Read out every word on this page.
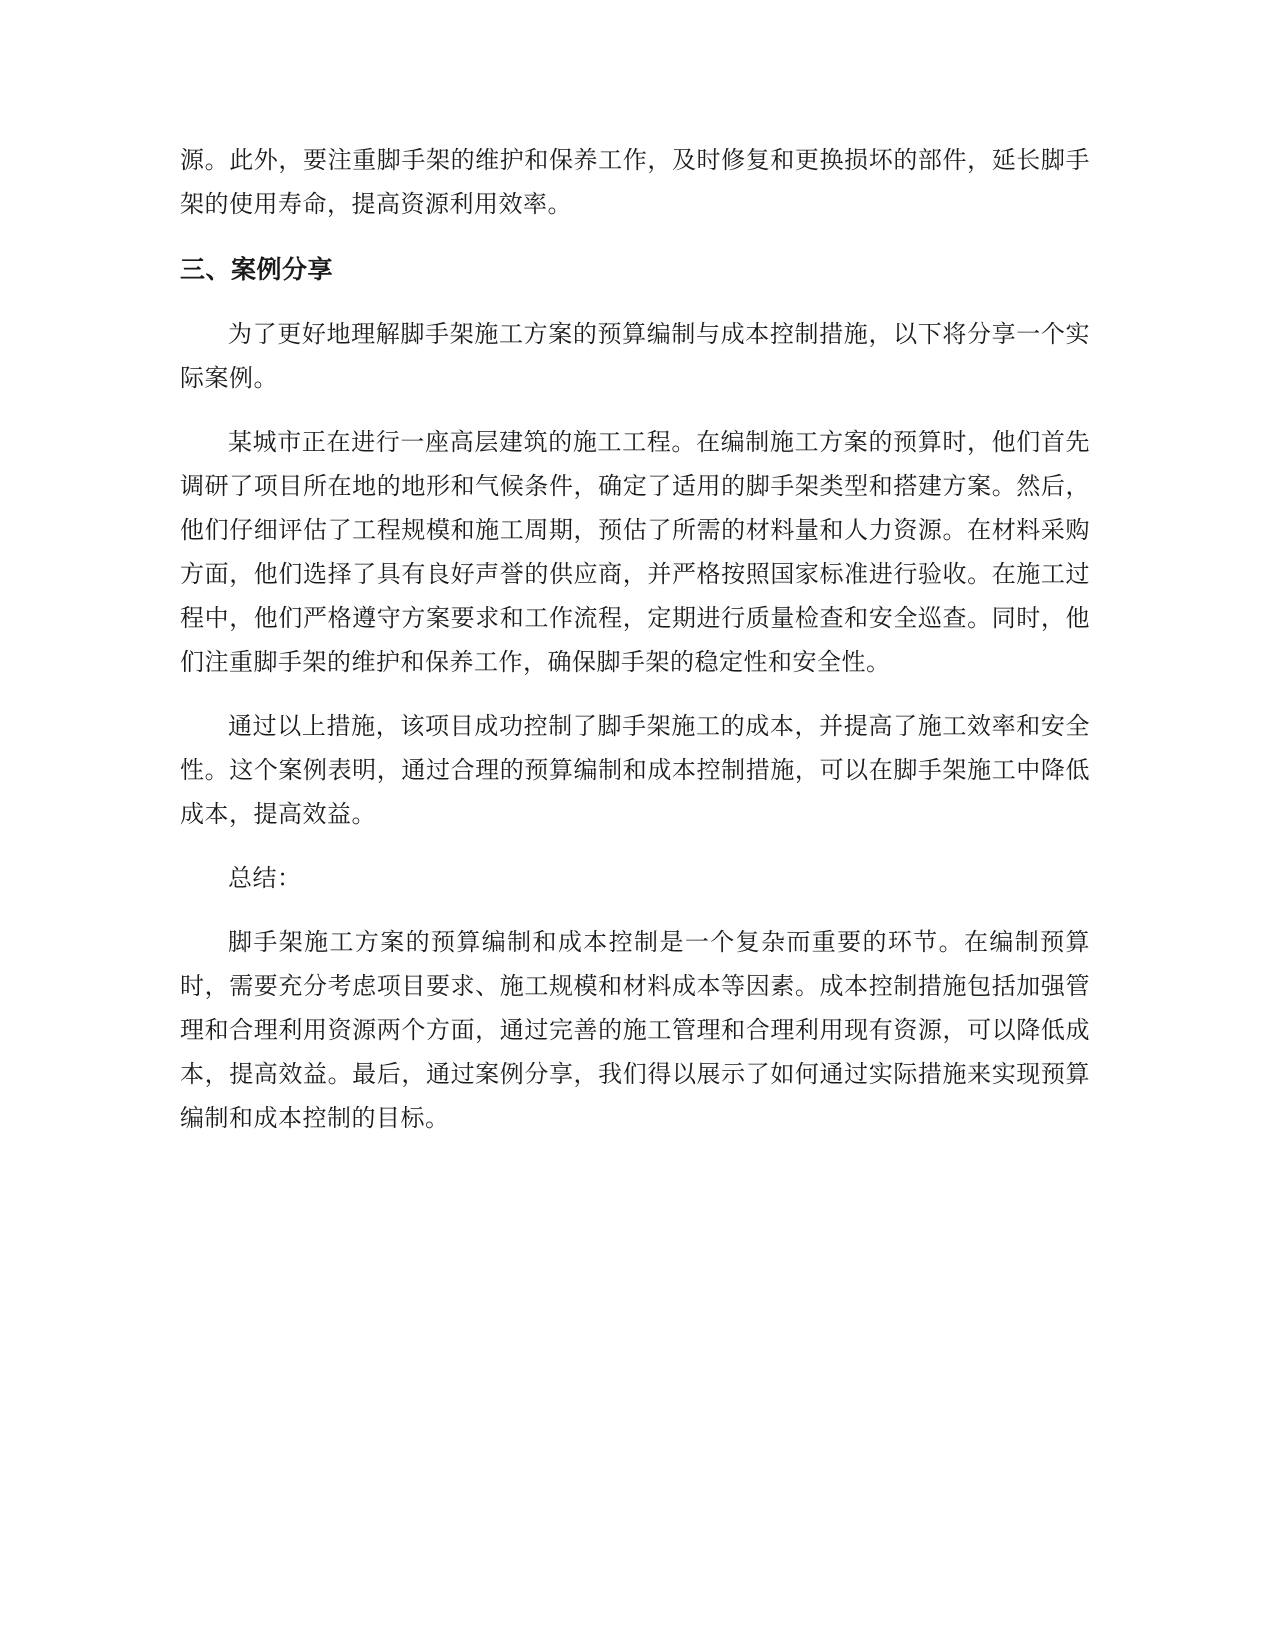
源。此外，要注重脚手架的维护和保养工作，及时修复和更换损坏的部件，延长脚手架的使用寿命，提高资源利用效率。

三、案例分享

为了更好地理解脚手架施工方案的预算编制与成本控制措施，以下将分享一个实际案例。

某城市正在进行一座高层建筑的施工工程。在编制施工方案的预算时，他们首先调研了项目所在地的地形和气候条件，确定了适用的脚手架类型和搭建方案。然后，他们仔细评估了工程规模和施工周期，预估了所需的材料量和人力资源。在材料采购方面，他们选择了具有良好声誉的供应商，并严格按照国家标准进行验收。在施工过程中，他们严格遵守方案要求和工作流程，定期进行质量检查和安全巡查。同时，他们注重脚手架的维护和保养工作，确保脚手架的稳定性和安全性。

通过以上措施，该项目成功控制了脚手架施工的成本，并提高了施工效率和安全性。这个案例表明，通过合理的预算编制和成本控制措施，可以在脚手架施工中降低成本，提高效益。

总结：

脚手架施工方案的预算编制和成本控制是一个复杂而重要的环节。在编制预算时，需要充分考虑项目要求、施工规模和材料成本等因素。成本控制措施包括加强管理和合理利用资源两个方面，通过完善的施工管理和合理利用现有资源，可以降低成本，提高效益。最后，通过案例分享，我们得以展示了如何通过实际措施来实现预算编制和成本控制的目标。
